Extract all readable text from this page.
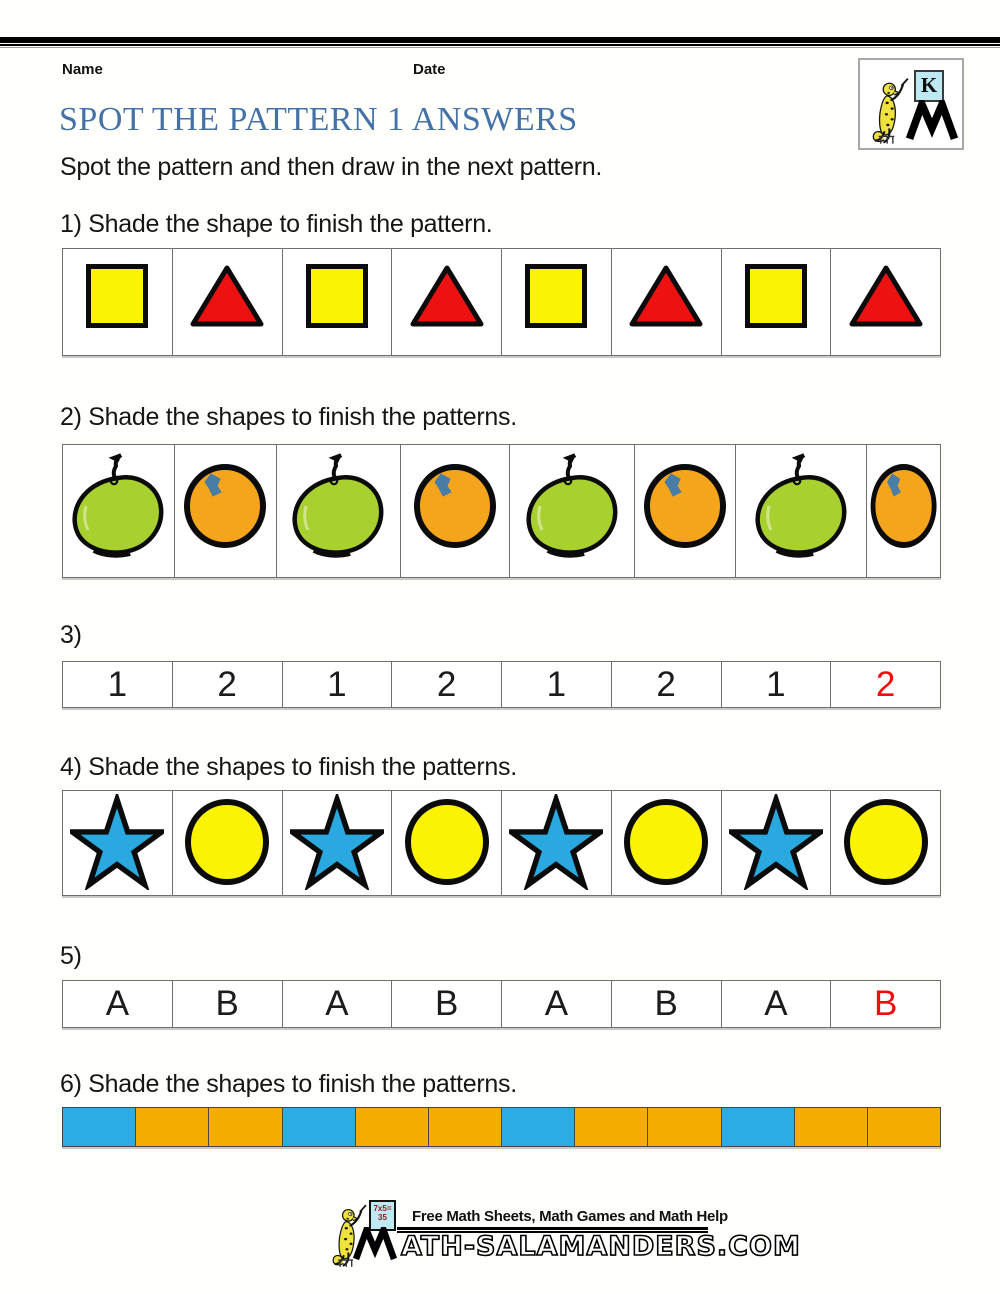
Name	Date
K
SPOT THE PATTERN 1 ANSWERS

Spot the pattern and then draw in the next pattern.

1) Shade the shape to finish the pattern.
2) Shade the shapes to finish the patterns.
3)
1	2	1	2	1	2	1	2
4) Shade the shapes to finish the patterns.
5)
A	B	A	B	A	B	A	B
6) Shade the shapes to finish the patterns.
7x5=
35	Free Math Sheets, Math Games and Math Help
ATH-SALAMANDERS.COM
